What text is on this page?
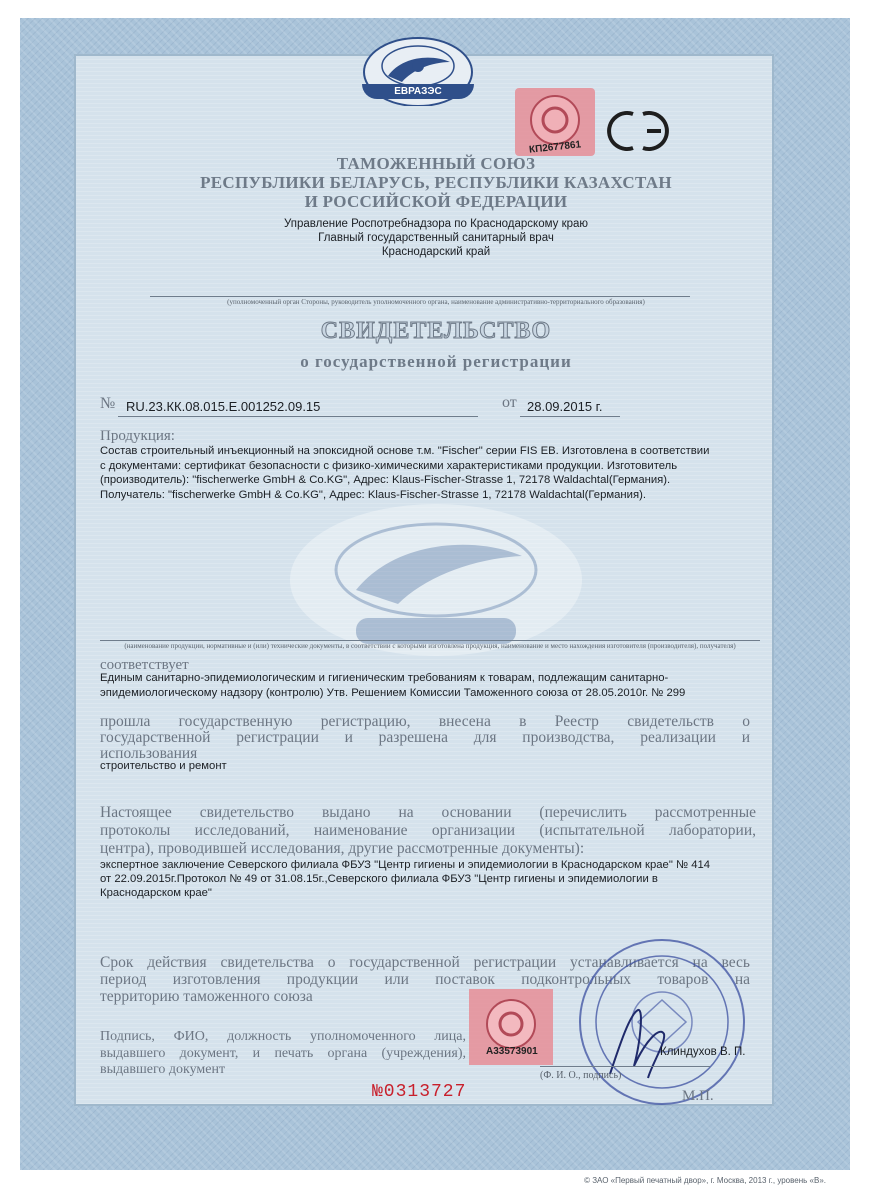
ЕВРАЗЭС
КП2677861
ТАМОЖЕННЫЙ СОЮЗ
РЕСПУБЛИКИ БЕЛАРУСЬ, РЕСПУБЛИКИ КАЗАХСТАН
И РОССИЙСКОЙ ФЕДЕРАЦИИ
Управление Роспотребнадзора по Краснодарскому краю
Главный государственный санитарный врач
Краснодарский край
(уполномоченный орган Стороны, руководитель уполномоченного органа, наименование административно-территориального образования)
СВИДЕТЕЛЬСТВО
о государственной регистрации
№ RU.23.КК.08.015.Е.001252.09.15	от 28.09.2015 г.
Продукция:
Состав строительный инъекционный на эпоксидной основе т.м. "Fischer" серии FIS EB. Изготовлена в соответствии
с документами: сертификат безопасности с физико-химическими характеристиками продукции. Изготовитель
(производитель): "fischerwerke GmbH & Co.KG", Адрес: Klaus-Fischer-Strasse 1, 72178 Waldachtal(Германия).
Получатель: "fischerwerke GmbH & Co.KG", Адрес: Klaus-Fischer-Strasse 1, 72178 Waldachtal(Германия).
(наименование продукции, нормативные и (или) технические документы, в соответствии с которыми изготовлена продукция, наименование и место нахождения изготовителя (производителя), получателя)
соответствует
Единым санитарно-эпидемиологическим и гигиеническим требованиям к товарам, подлежащим санитарно-
эпидемиологическому надзору (контролю) Утв. Решением Комиссии Таможенного союза от 28.05.2010г. № 299
прошла государственную регистрацию, внесена в Реестр свидетельств о
государственной регистрации и разрешена для производства, реализации и
использования
строительство и ремонт
Настоящее свидетельство выдано на основании (перечислить рассмотренные
протоколы исследований, наименование организации (испытательной лаборатории,
центра), проводившей исследования, другие рассмотренные документы):
экспертное заключение Северского филиала ФБУЗ "Центр гигиены и эпидемиологии в Краснодарском крае" № 414
от 22.09.2015г.Протокол № 49 от 31.08.15г.,Северского филиала ФБУЗ "Центр гигиены и эпидемиологии в
Краснодарском крае"
Срок действия свидетельства о государственной регистрации устанавливается на весь
период изготовления продукции или поставок подконтрольных товаров на
территорию таможенного союза
Подпись, ФИО, должность уполномоченного лица,
выдавшего документ, и печать органа (учреждения),
выдавшего документ
А33573901	Клиндухов В. П.
(Ф. И. О., подпись)
№0313727	М.П.
© ЗАО «Первый печатный двор», г. Москва, 2013 г., уровень «В».
